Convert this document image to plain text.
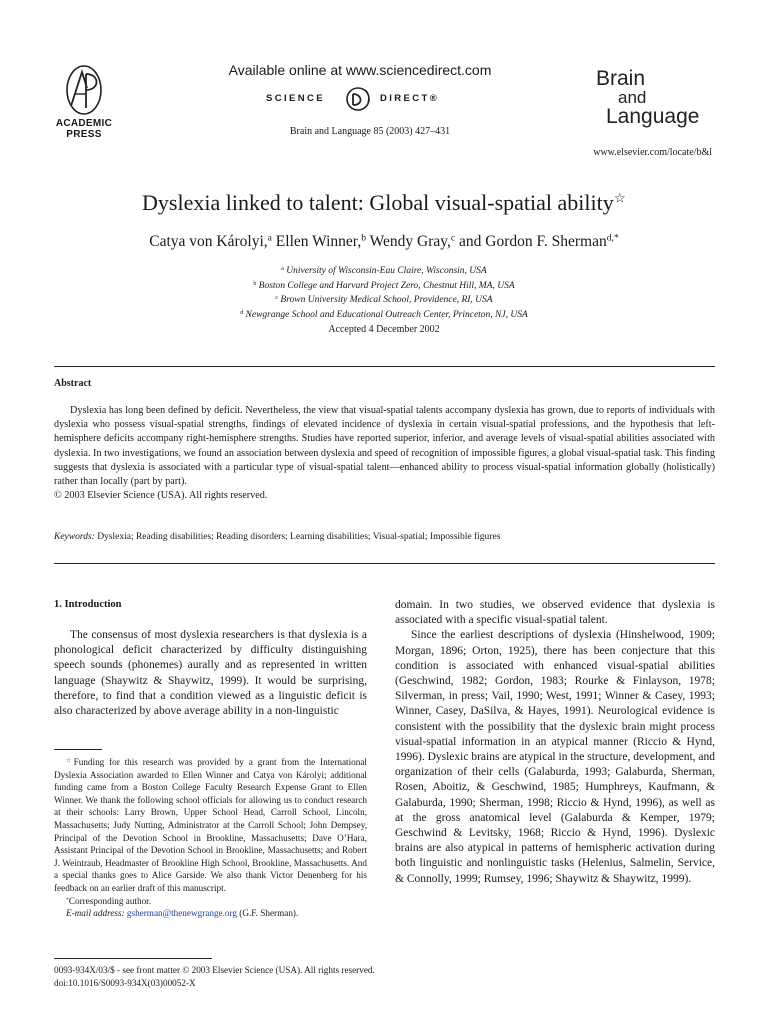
ACADEMIC
PRESS
Available online at www.sciencedirect.com
SCIENCE	DIRECT®
Brain and Language 85 (2003) 427–431
Brain
and
Language
www.elsevier.com/locate/b&l
Dyslexia linked to talent: Global visual-spatial ability☆
Catya von Károlyi,$^a$ Ellen Winner,$^b$ Wendy Gray,$^c$ and Gordon F. Sherman$^{d,*}$
$^a$ University of Wisconsin-Eau Claire, Wisconsin, USA
$^b$ Boston College and Harvard Project Zero, Chestnut Hill, MA, USA
$^c$ Brown University Medical School, Providence, RI, USA
$^d$ Newgrange School and Educational Outreach Center, Princeton, NJ, USA
Accepted 4 December 2002
Abstract

Dyslexia has long been defined by deficit. Nevertheless, the view that visual-spatial talents accompany dyslexia has grown, due to reports of individuals with dyslexia who possess visual-spatial strengths, findings of elevated incidence of dyslexia in certain visual-spatial professions, and the hypothesis that left-hemisphere deficits accompany right-hemisphere strengths. Studies have reported superior, inferior, and average levels of visual-spatial abilities associated with dyslexia. In two investigations, we found an association between dyslexia and speed of recognition of impossible figures, a global visual-spatial task. This finding suggests that dyslexia is associated with a particular type of visual-spatial talent—enhanced ability to process visual-spatial information globally (holistically) rather than locally (part by part).

© 2003 Elsevier Science (USA). All rights reserved.

Keywords: Dyslexia; Reading disabilities; Reading disorders; Learning disabilities; Visual-spatial; Impossible figures
1. Introduction

The consensus of most dyslexia researchers is that dyslexia is a phonological deficit characterized by difficulty distinguishing speech sounds (phonemes) aurally and as represented in written language (Shaywitz & Shaywitz, 1999). It would be surprising, therefore, to find that a condition viewed as a linguistic deficit is also characterized by above average ability in a non-linguistic

☆Funding for this research was provided by a grant from the International Dyslexia Association awarded to Ellen Winner and Catya von Károlyi; additional funding came from a Boston College Faculty Research Expense Grant to Ellen Winner. We thank the following school officials for allowing us to conduct research at their schools: Larry Brown, Upper School Head, Carroll School, Lincoln, Massachusetts; Judy Nutting, Administrator at the Carroll School; John Dempsey, Principal of the Devotion School in Brookline, Massachusetts; Dave O’Hara, Assistant Principal of the Devotion School in Brookline, Massachusetts; and Robert J. Weintraub, Headmaster of Brookline High School, Brookline, Massachusetts. And a special thanks goes to Alice Garside. We also thank Victor Denenberg for his feedback on an earlier draft of this manuscript.

*Corresponding author.

E-mail address: gsherman@thenewgrange.org (G.F. Sherman).

domain. In two studies, we observed evidence that dyslexia is associated with a specific visual-spatial talent.

Since the earliest descriptions of dyslexia (Hinshelwood, 1909; Morgan, 1896; Orton, 1925), there has been conjecture that this condition is associated with enhanced visual-spatial abilities (Geschwind, 1982; Gordon, 1983; Rourke & Finlayson, 1978; Silverman, in press; Vail, 1990; West, 1991; Winner & Casey, 1993; Winner, Casey, DaSilva, & Hayes, 1991). Neurological evidence is consistent with the possibility that the dyslexic brain might process visual-spatial information in an atypical manner (Riccio & Hynd, 1996). Dyslexic brains are atypical in the structure, development, and organization of their cells (Galaburda, 1993; Galaburda, Sherman, Rosen, Aboitiz, & Geschwind, 1985; Humphreys, Kaufmann, & Galaburda, 1990; Sherman, 1998; Riccio & Hynd, 1996), as well as at the gross anatomical level (Galaburda & Kemper, 1979; Geschwind & Levitsky, 1968; Riccio & Hynd, 1996). Dyslexic brains are also atypical in patterns of hemispheric activation during both linguistic and nonlinguistic tasks (Helenius, Salmelin, Service, & Connolly, 1999; Rumsey, 1996; Shaywitz & Shaywitz, 1999).

0093-934X/03/$ - see front matter © 2003 Elsevier Science (USA). All rights reserved.
doi:10.1016/S0093-934X(03)00052-X
